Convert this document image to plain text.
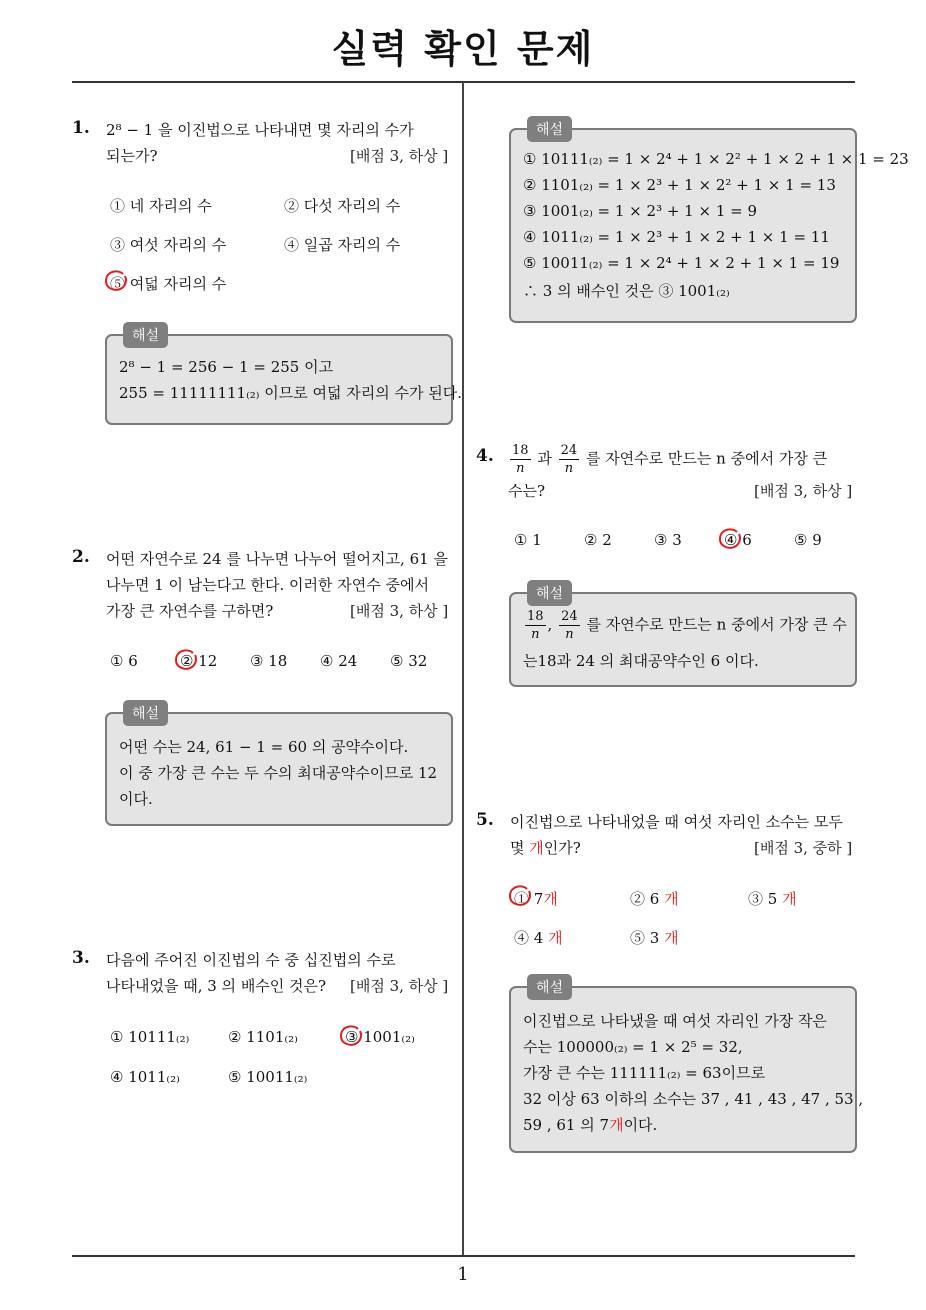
실력 확인 문제
1
1. 2⁸ − 1 을 이진법으로 나타내면 몇 자리의 수가
되는가?	[배점 3, 하상 ]
① 네 자리의 수	② 다섯 자리의 수
③ 여섯 자리의 수	④ 일곱 자리의 수
⑤ 여덟 자리의 수
해설
2⁸ − 1 = 256 − 1 = 255 이고
255 = 11111111₍₂₎ 이므로 여덟 자리의 수가 된다.
2. 어떤 자연수로 24 를 나누면 나누어 떨어지고, 61 을
나누면 1 이 남는다고 한다. 이러한 자연수 중에서
가장 큰 자연수를 구하면?	[배점 3, 하상 ]
① 6	② 12 ③ 18 ④ 24 ⑤ 32
해설
어떤 수는 24, 61 − 1 = 60 의 공약수이다.
이 중 가장 큰 수는 두 수의 최대공약수이므로 12
이다.
3. 다음에 주어진 이진법의 수 중 십진법의 수로
나타내었을 때, 3 의 배수인 것은? [배점 3, 하상 ]
① 10111₍₂₎	② 1101₍₂₎	③ 1001₍₂₎
④ 1011₍₂₎	⑤ 10011₍₂₎
해설
① 10111₍₂₎ = 1 × 2⁴ + 1 × 2² + 1 × 2 + 1 × 1 = 23
② 1101₍₂₎ = 1 × 2³ + 1 × 2² + 1 × 1 = 13
③ 1001₍₂₎ = 1 × 2³ + 1 × 1 = 9
④ 1011₍₂₎ = 1 × 2³ + 1 × 2 + 1 × 1 = 11
⑤ 10011₍₂₎ = 1 × 2⁴ + 1 × 2 + 1 × 1 = 19
∴ 3 의 배수인 것은 ③ 1001₍₂₎
4. $\frac{18}{n}$ 과 $\frac{24}{n}$ 를 자연수로 만드는 n 중에서 가장 큰
수는?	[배점 3, 하상 ]
① 1	② 2	③ 3	④ 6	⑤ 9
해설
$\frac{18}{n}$ , $\frac{24}{n}$ 를 자연수로 만드는 n 중에서 가장 큰 수
는18과 24 의 최대공약수인 6 이다.
5. 이진법으로 나타내었을 때 여섯 자리인 소수는 모두
몇 개인가?	[배점 3, 중하 ]
① 7개	② 6 개	③ 5 개
④ 4 개	⑤ 3 개
해설
이진법으로 나타냈을 때 여섯 자리인 가장 작은
수는 100000₍₂₎ = 1 × 2⁵ = 32,
가장 큰 수는 111111₍₂₎ = 63이므로
32 이상 63 이하의 소수는 37 , 41 , 43 , 47 , 53 ,
59 , 61 의 7개이다.
